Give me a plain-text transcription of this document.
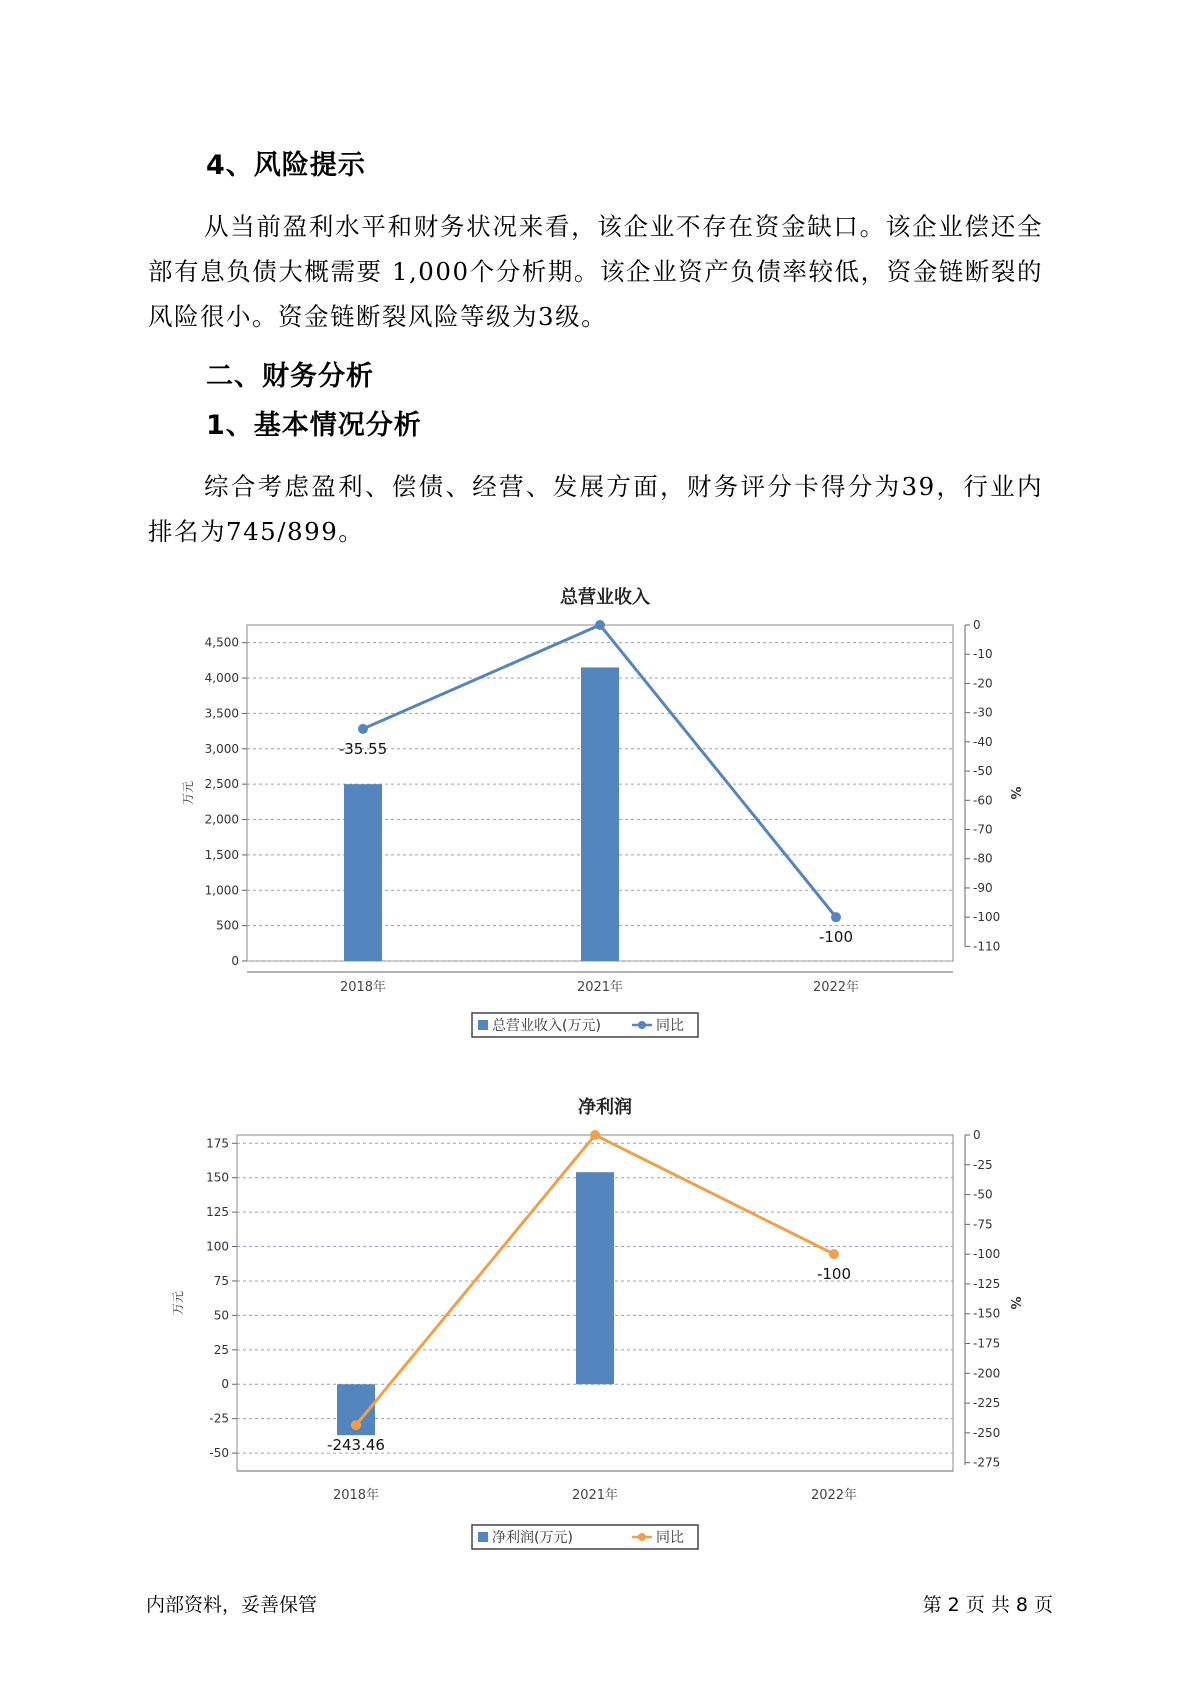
4、风险提示

从当前盈利水平和财务状况来看，该企业不存在资金缺口。该企业偿还全部有息负债大概需要 1,000个分析期。该企业资产负债率较低，资金链断裂的风险很小。资金链断裂风险等级为3级。

二、财务分析
1、基本情况分析

综合考虑盈利、偿债、经营、发展方面，财务评分卡得分为39，行业内排名为745/899。

总营业收入
4,500
4,000
3,500
3,000
2,500
2,000
1,500
1,000
500
0
万元
0
-10
-20
-30
-40
-50
-60
-70
-80
-90
-100
-110
%
2018年	2021年	2022年
-35.55
-100
总营业收入(万元)	同比
净利润
175
150
125
100
75
50
25
0
-25
-50
万元
0
-25
-50
-75
-100
-125
-150
-175
-200
-225
-250
-275
%
2018年	2021年	2022年
-243.46
-100
净利润(万元)	同比
内部资料，妥善保管	第 2 页 共 8 页
